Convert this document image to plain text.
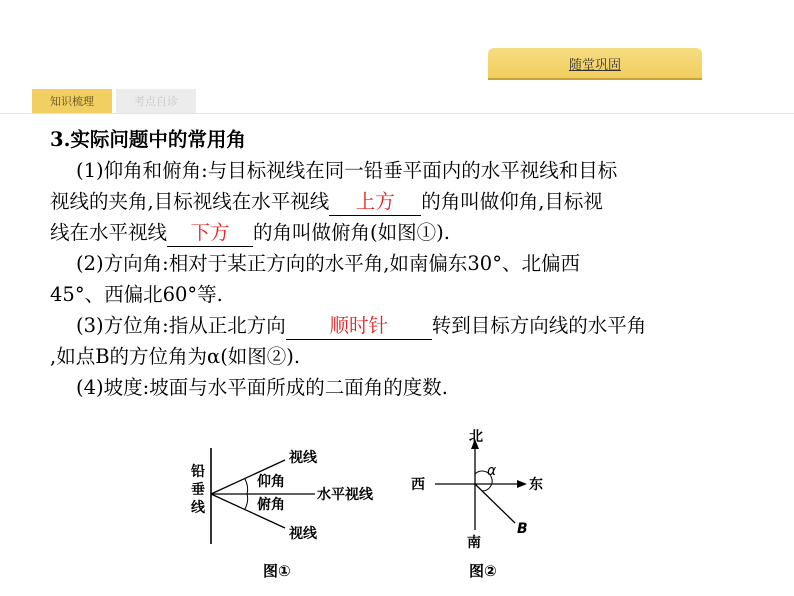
随堂巩固
知识梳理	考点自诊
3.实际问题中的常用角
(1)仰角和俯角:与目标视线在同一铅垂平面内的水平视线和目标
视线的夹角,目标视线在水平视线 上方 的角叫做仰角,目标视
线在水平视线 下方 的角叫做俯角(如图①).
(2)方向角:相对于某正方向的水平角,如南偏东30°、北偏西
45°、西偏北60°等.
(3)方位角:指从正北方向 顺时针 转到目标方向线的水平角
,如点B的方位角为α(如图②).
(4)坡度:坡面与水平面所成的二面角的度数.
铅
垂
线
视线
仰角
水平视线
俯角
视线
图①
北
西	东
南
α
B
图②
